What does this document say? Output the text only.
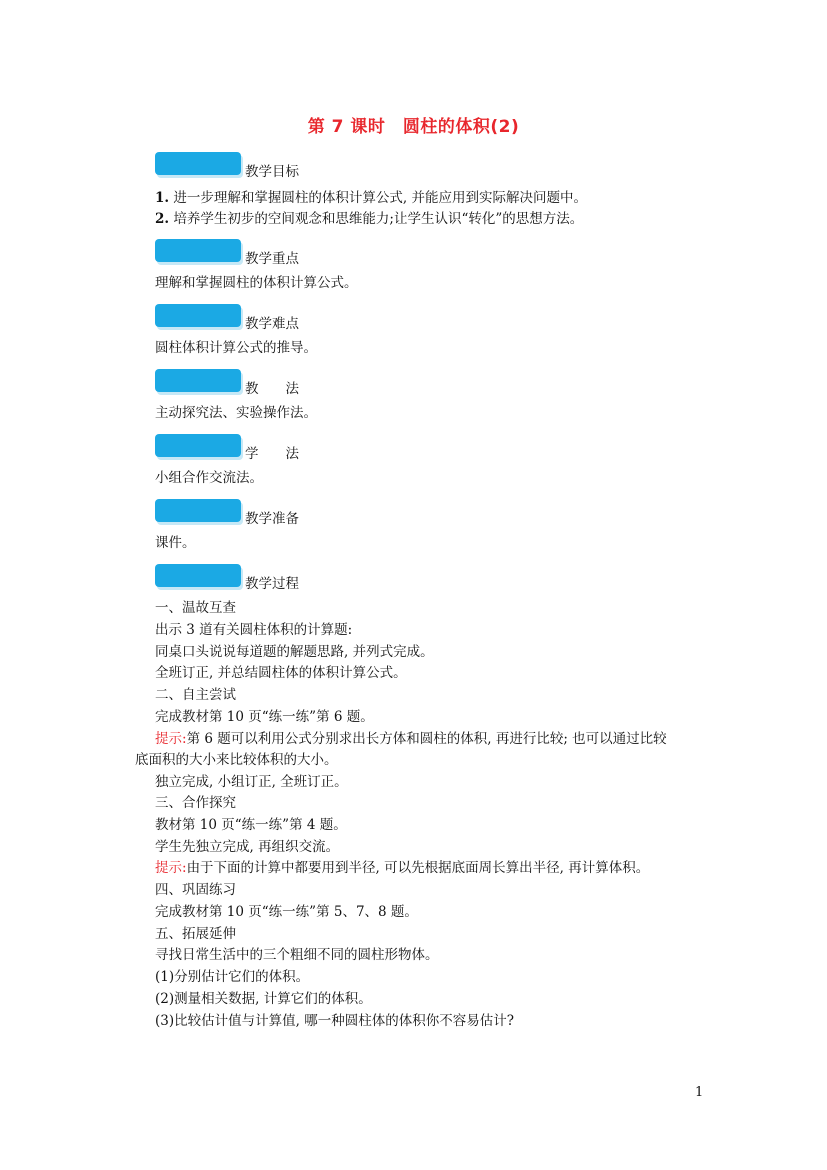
第 7 课时　圆柱的体积(2)
教学目标
1. 进一步理解和掌握圆柱的体积计算公式, 并能应用到实际解决问题中。
2. 培养学生初步的空间观念和思维能力;让学生认识“转化”的思想方法。
教学重点
理解和掌握圆柱的体积计算公式。
教学难点
圆柱体积计算公式的推导。
教　　法
主动探究法、实验操作法。
学　　法
小组合作交流法。
教学准备
课件。
教学过程
一、温故互查
出示 3 道有关圆柱体积的计算题:
同桌口头说说每道题的解题思路, 并列式完成。
全班订正, 并总结圆柱体的体积计算公式。
二、自主尝试
完成教材第 10 页“练一练”第 6 题。
提示:第 6 题可以利用公式分别求出长方体和圆柱的体积, 再进行比较; 也可以通过比较
底面积的大小来比较体积的大小。
独立完成, 小组订正, 全班订正。
三、合作探究
教材第 10 页“练一练”第 4 题。
学生先独立完成, 再组织交流。
提示:由于下面的计算中都要用到半径, 可以先根据底面周长算出半径, 再计算体积。
四、巩固练习
完成教材第 10 页“练一练”第 5、7、8 题。
五、拓展延伸
寻找日常生活中的三个粗细不同的圆柱形物体。
(1)分别估计它们的体积。
(2)测量相关数据, 计算它们的体积。
(3)比较估计值与计算值, 哪一种圆柱体的体积你不容易估计?
1
